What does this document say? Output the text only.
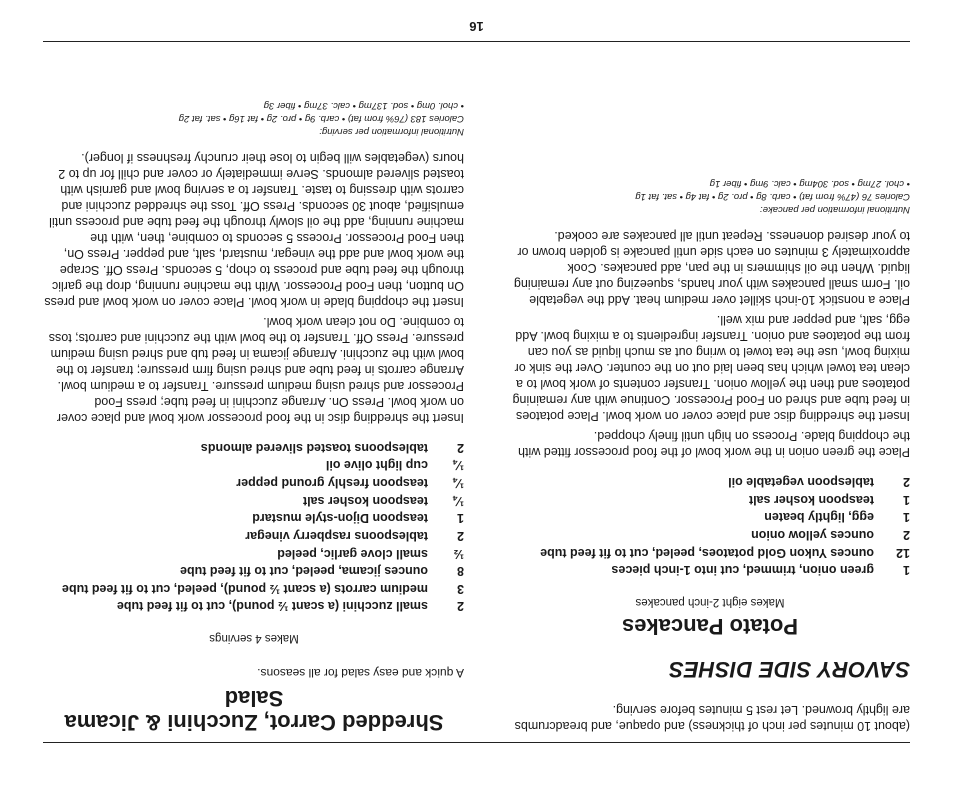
(about 10 minutes per inch of thickness) and opaque, and breadcrumbs are lightly browned. Let rest 5 minutes before serving.

SAVORY SIDE DISHES
Potato Pancakes
Makes eight 2-inch pancakes
1	green onion, trimmed, cut into 1-inch pieces
12	ounces Yukon Gold potatoes, peeled, cut to fit feed tube
2	ounces yellow onion
1	egg, lightly beaten
1	teaspoon kosher salt
2	tablespoon vegetable oil

Place the green onion in the work bowl of the food processor fitted with the chopping blade. Process on high until finely chopped.

Insert the shredding disc and place cover on work bowl. Place potatoes in feed tube and shred on Food Processor. Continue with any remaining potatoes and then the yellow onion. Transfer contents of work bowl to a clean tea towel which has been laid out on the counter. Over the sink or mixing bowl, use the tea towel to wring out as much liquid as you can from the potatoes and onion. Transfer ingredients to a mixing bowl. Add egg, salt, and pepper and mix well.

Place a nonstick 10-inch skillet over medium heat. Add the vegetable oil. Form small pancakes with your hands, squeezing out any remaining liquid. When the oil shimmers in the pan, add pancakes. Cook approximately 3 minutes on each side until pancake is golden brown or to your desired doneness. Repeat until all pancakes are cooked.

Nutritional information per pancake:
Calories 76 (47% from fat) • carb. 8g • pro. 2g • fat 4g • sat. fat 1g
• chol. 27mg • sod. 304mg • calc. 9mg • fiber 1g
Shredded Carrot, Zucchini & Jicama Salad
A quick and easy salad for all seasons.
Makes 4 servings
2	small zucchini (a scant ½ pound), cut to fit feed tube
3	medium carrots (a scant ½ pound), peeled, cut to fit feed tube
8	ounces jicama, peeled, cut to fit feed tube
½	small clove garlic, peeled
2	tablespoons raspberry vinegar
1	teaspoon Dijon-style mustard
¼	teaspoon kosher salt
¼	teaspoon freshly ground pepper
¼	cup light olive oil
2	tablespoons toasted slivered almonds

Insert the shredding disc in the food processor work bowl and place cover on work bowl. Press On. Arrange zucchini in feed tube; press Food Processor and shred using medium pressure. Transfer to a medium bowl. Arrange carrots in feed tube and shred using firm pressure; transfer to the bowl with the zucchini. Arrange jicama in feed tub and shred using medium pressure. Press Off. Transfer to the bowl with the zucchini and carrots; toss to combine. Do not clean work bowl.

Insert the chopping blade in work bowl. Place cover on work bowl and press On button, then Food Processor. With the machine running, drop the garlic through the feed tube and process to chop, 5 seconds. Press Off. Scrape the work bowl and add the vinegar, mustard, salt, and pepper. Press On, then Food Processor. Process 5 seconds to combine, then, with the machine running, add the oil slowly through the feed tube and process until emulsified, about 30 seconds. Press Off. Toss the shredded zucchini and carrots with dressing to taste. Transfer to a serving bowl and garnish with toasted slivered almonds. Serve immediately or cover and chill for up to 2 hours (vegetables will begin to lose their crunchy freshness if longer).

Nutritional information per serving:
Calories 183 (76% from fat) • carb. 9g • pro. 2g • fat 16g • sat. fat 2g
• chol. 0mg • sod. 137mg • calc. 37mg • fiber 3g
16
